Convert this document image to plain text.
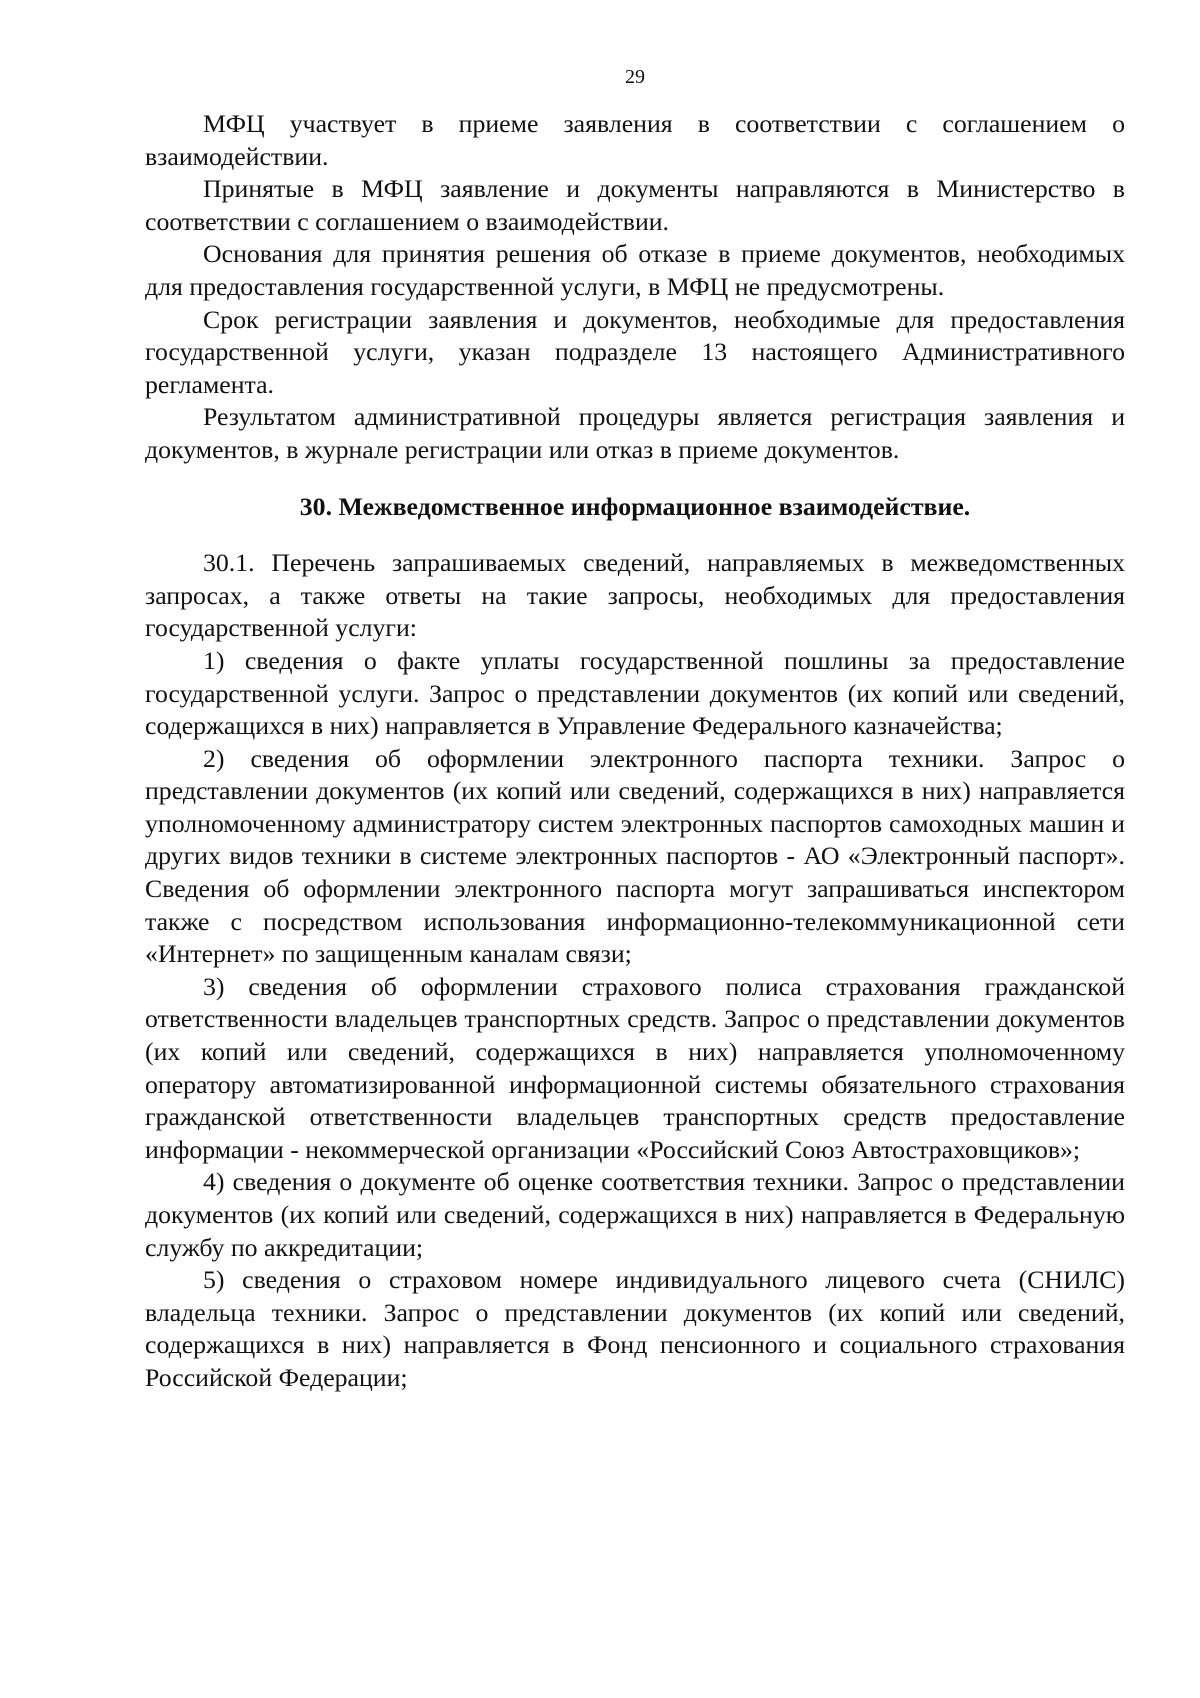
29

МФЦ участвует в приеме заявления в соответствии с соглашением о взаимодействии.

Принятые в МФЦ заявление и документы направляются в Министерство в соответствии с соглашением о взаимодействии.

Основания для принятия решения об отказе в приеме документов, необходимых для предоставления государственной услуги, в МФЦ не предусмотрены.

Срок регистрации заявления и документов, необходимые для предоставления государственной услуги, указан подразделе 13 настоящего Административного регламента.

Результатом административной процедуры является регистрация заявления и документов, в журнале регистрации или отказ в приеме документов.

30. Межведомственное информационное взаимодействие.

30.1. Перечень запрашиваемых сведений, направляемых в межведомственных запросах, а также ответы на такие запросы, необходимых для предоставления государственной услуги:

1) сведения о факте уплаты государственной пошлины за предоставление государственной услуги. Запрос о представлении документов (их копий или сведений, содержащихся в них) направляется в Управление Федерального казначейства;

2) сведения об оформлении электронного паспорта техники. Запрос о представлении документов (их копий или сведений, содержащихся в них) направляется уполномоченному администратору систем электронных паспортов самоходных машин и других видов техники в системе электронных паспортов - АО «Электронный паспорт». Сведения об оформлении электронного паспорта могут запрашиваться инспектором также с посредством использования информационно-телекоммуникационной сети «Интернет» по защищенным каналам связи;

3) сведения об оформлении страхового полиса страхования гражданской ответственности владельцев транспортных средств. Запрос о представлении документов (их копий или сведений, содержащихся в них) направляется уполномоченному оператору автоматизированной информационной системы обязательного страхования гражданской ответственности владельцев транспортных средств предоставление информации - некоммерческой организации «Российский Союз Автостраховщиков»;

4) сведения о документе об оценке соответствия техники. Запрос о представлении документов (их копий или сведений, содержащихся в них) направляется в Федеральную службу по аккредитации;

5) сведения о страховом номере индивидуального лицевого счета (СНИЛС) владельца техники. Запрос о представлении документов (их копий или сведений, содержащихся в них) направляется в Фонд пенсионного и социального страхования Российской Федерации;
